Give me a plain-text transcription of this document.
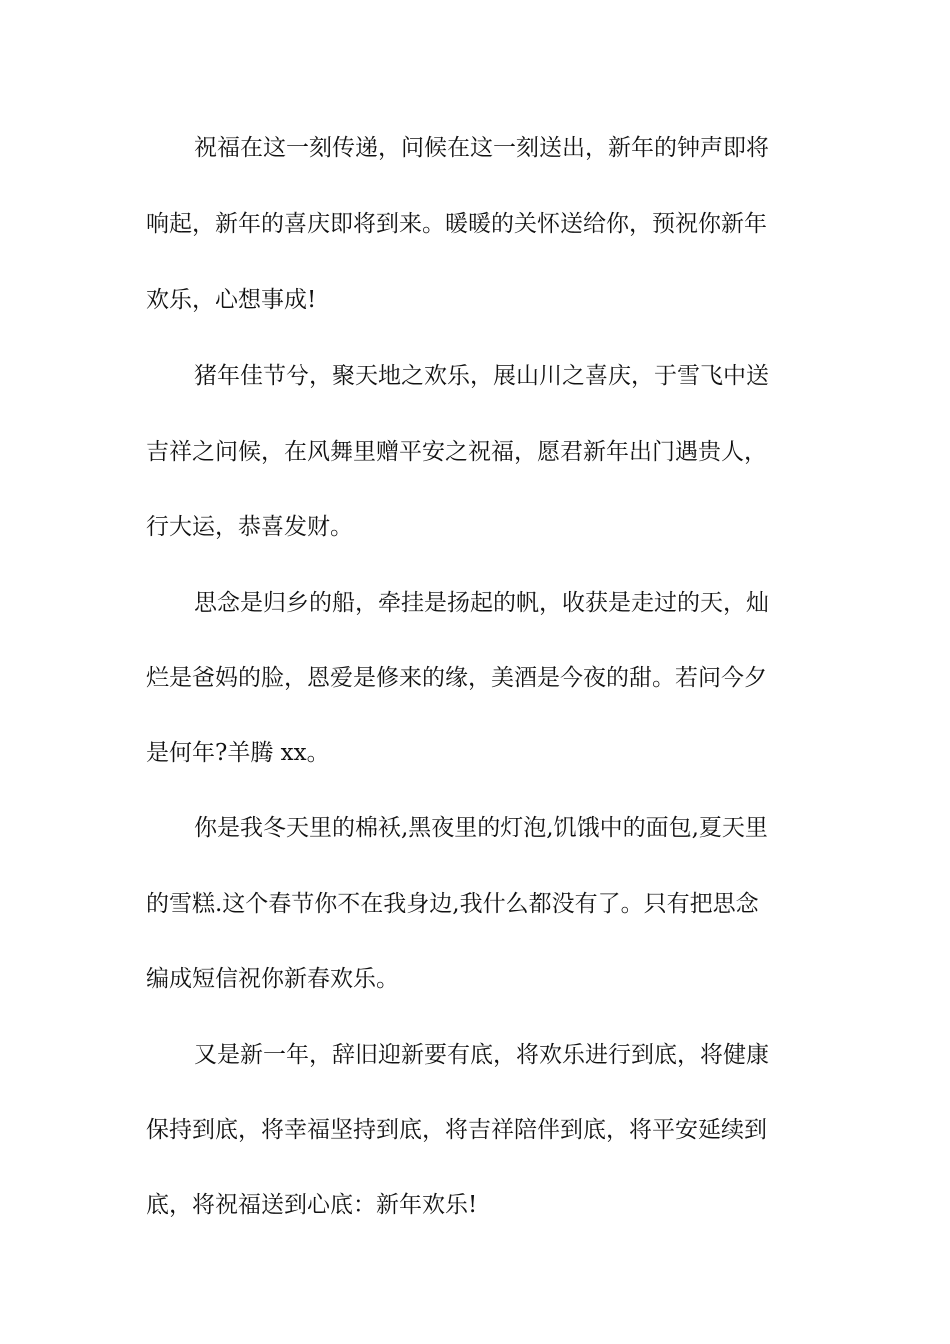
祝福在这一刻传递，问候在这一刻送出，新年的钟声即将
响起，新年的喜庆即将到来。暖暖的关怀送给你，预祝你新年
欢乐，心想事成!
猪年佳节兮，聚天地之欢乐，展山川之喜庆，于雪飞中送
吉祥之问候，在风舞里赠平安之祝福，愿君新年出门遇贵人，
行大运，恭喜发财。
思念是归乡的船，牵挂是扬起的帆，收获是走过的天，灿
烂是爸妈的脸，恩爱是修来的缘，美酒是今夜的甜。若问今夕
是何年?羊腾 xx。
你是我冬天里的棉袄,黑夜里的灯泡,饥饿中的面包,夏天里
的雪糕.这个春节你不在我身边,我什么都没有了。只有把思念
编成短信祝你新春欢乐。
又是新一年，辞旧迎新要有底，将欢乐进行到底，将健康
保持到底，将幸福坚持到底，将吉祥陪伴到底，将平安延续到
底，将祝福送到心底：新年欢乐!
